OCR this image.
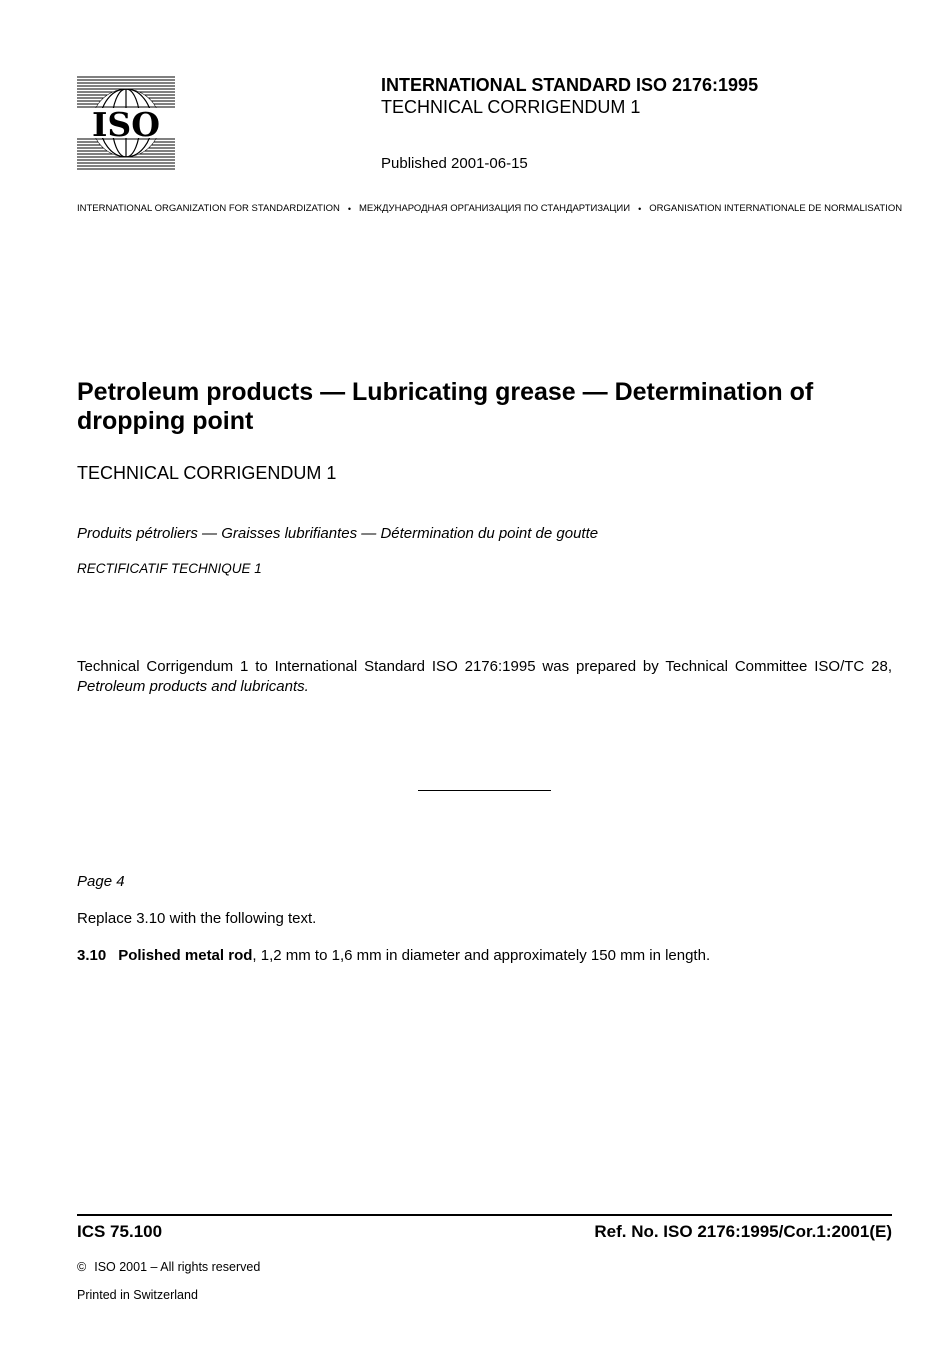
ISO
INTERNATIONAL STANDARD ISO 2176:1995
TECHNICAL CORRIGENDUM 1
Published 2001-06-15
INTERNATIONAL ORGANIZATION FOR STANDARDIZATION • МЕЖДУНАРОДНАЯ ОРГАНИЗАЦИЯ ПО СТАНДАРТИЗАЦИИ • ORGANISATION INTERNATIONALE DE NORMALISATION
Petroleum products — Lubricating grease — Determination of dropping point
TECHNICAL CORRIGENDUM 1
Produits pétroliers — Graisses lubrifiantes — Détermination du point de goutte
RECTIFICATIF TECHNIQUE 1

Technical Corrigendum 1 to International Standard ISO 2176:1995 was prepared by Technical Committee ISO/TC 28, Petroleum products and lubricants.

Page 4
Replace 3.10 with the following text.
3.10 Polished metal rod, 1,2 mm to 1,6 mm in diameter and approximately 150 mm in length.
ICS 75.100	Ref. No. ISO 2176:1995/Cor.1:2001(E)
© ISO 2001 – All rights reserved
Printed in Switzerland
